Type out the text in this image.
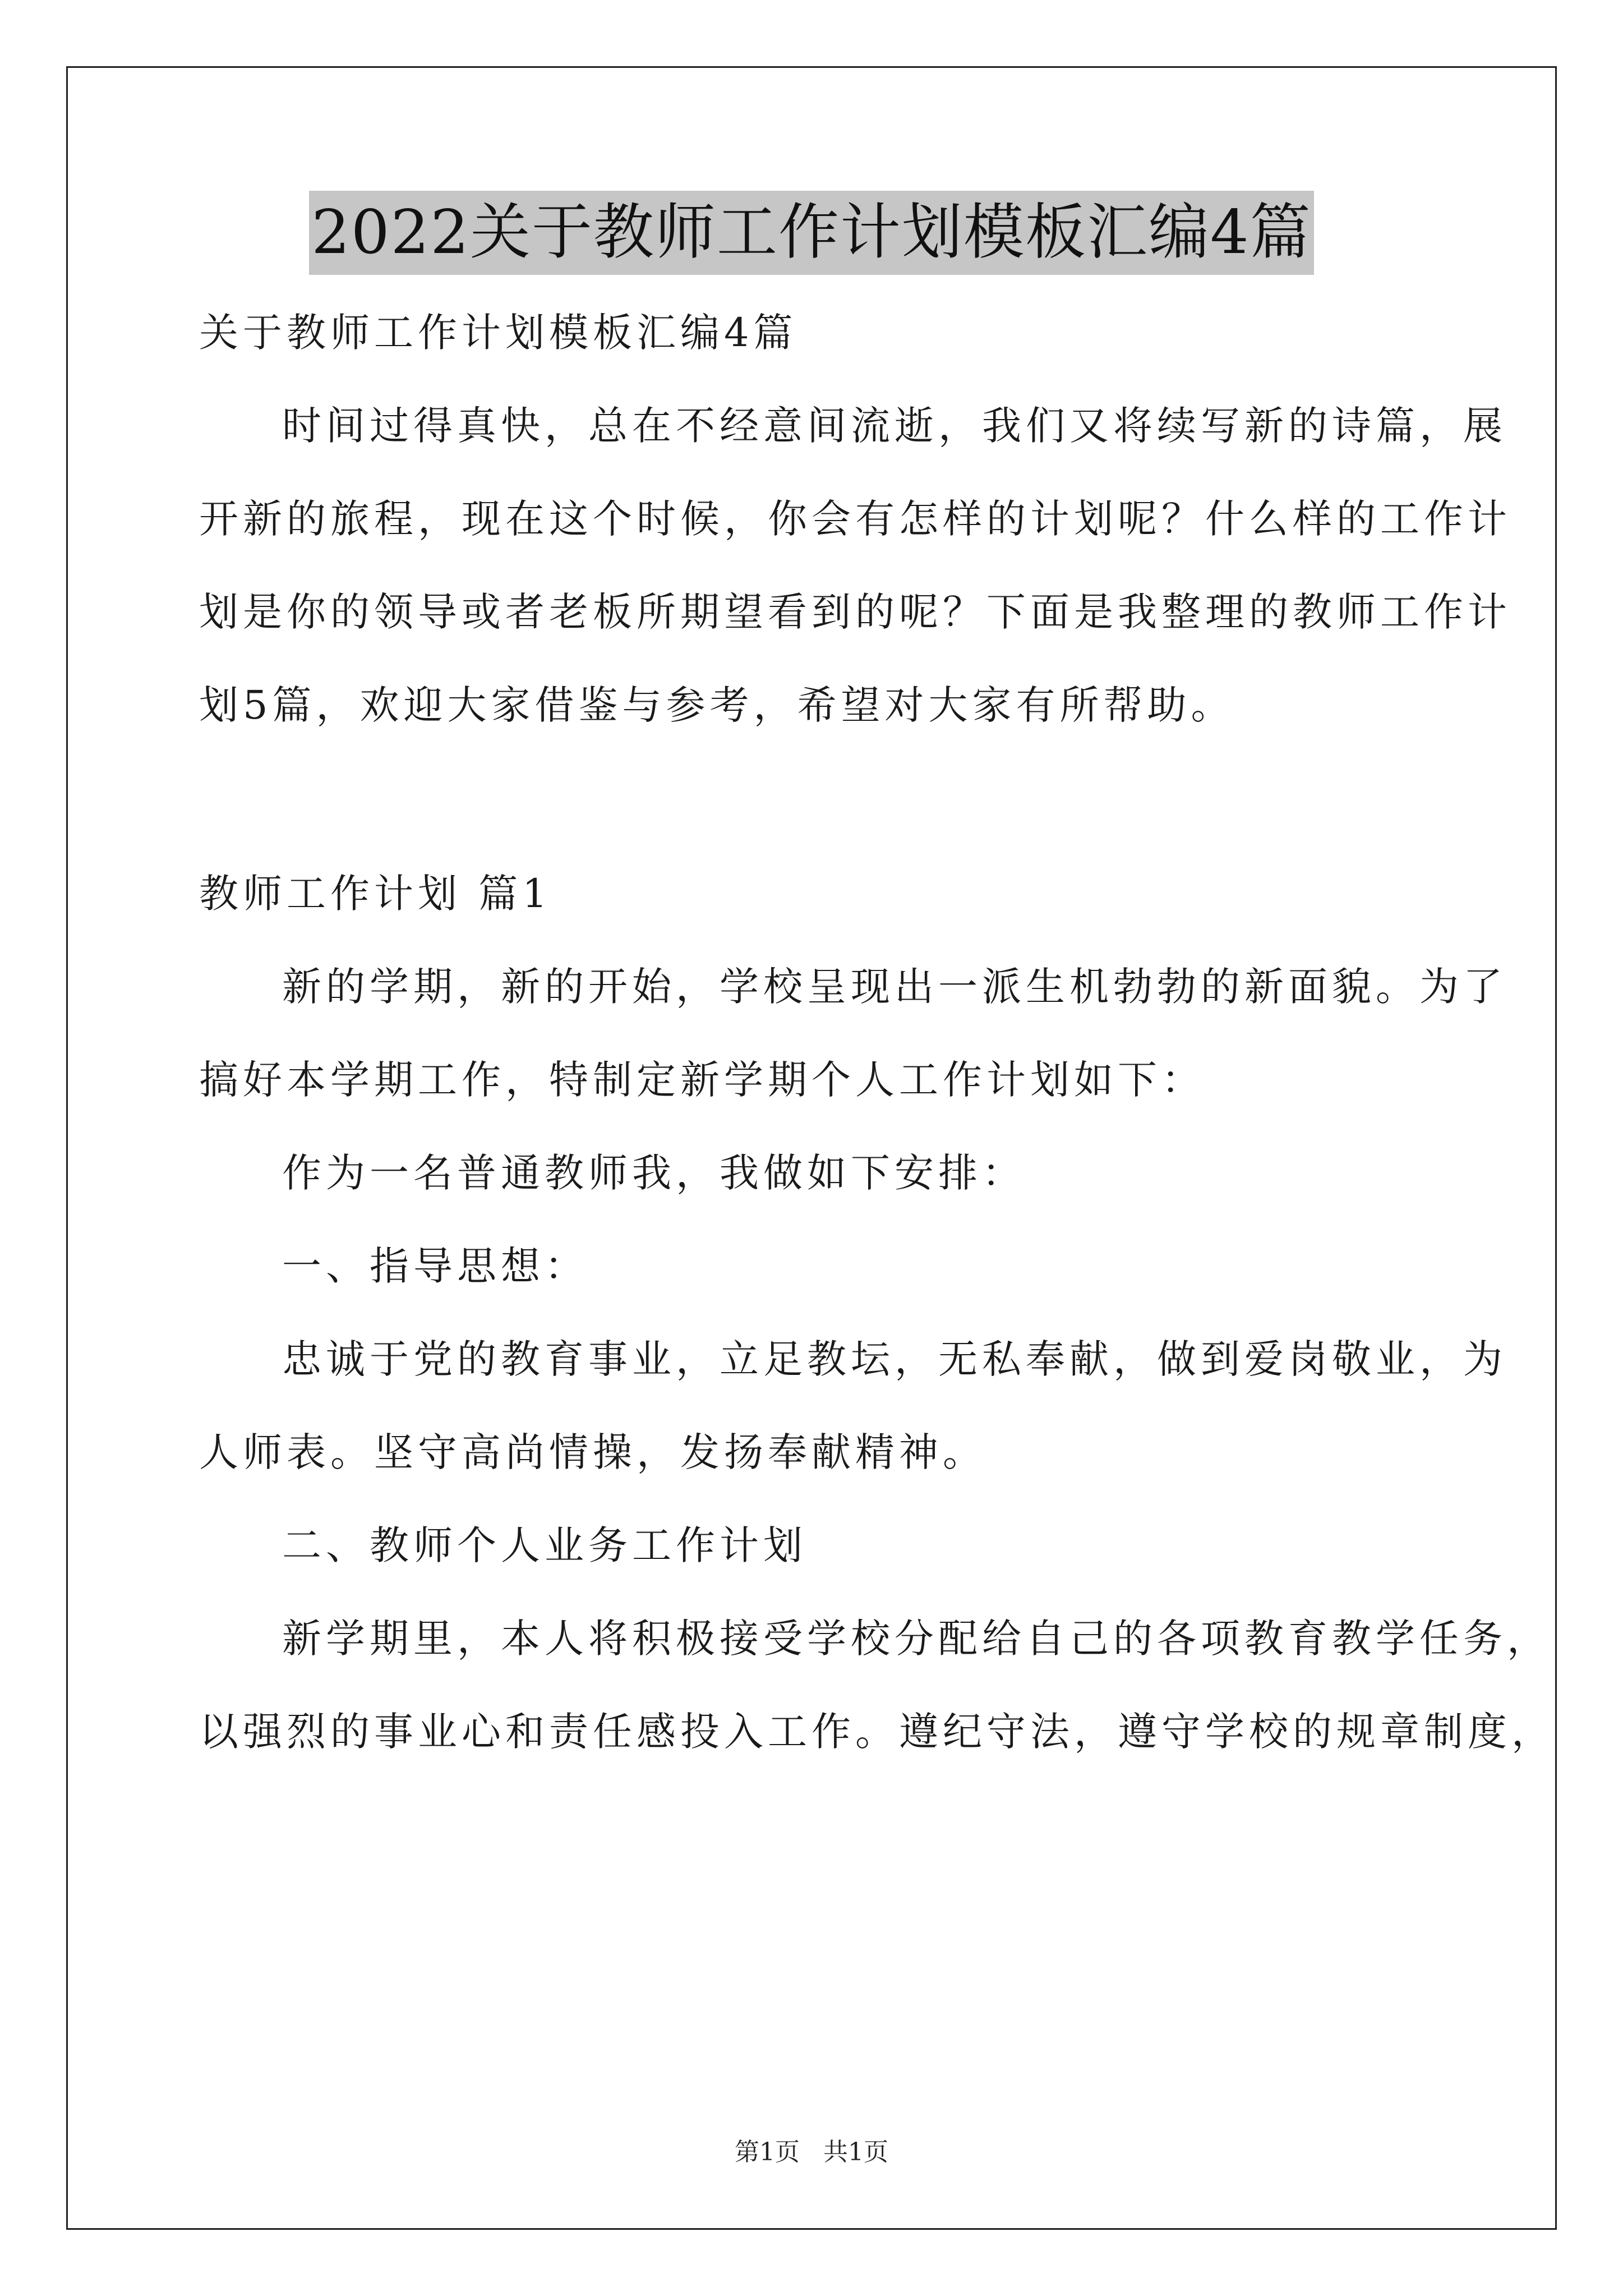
2022关于教师工作计划模板汇编4篇

关于教师工作计划模板汇编4篇

时间过得真快，总在不经意间流逝，我们又将续写新的诗篇，展

开新的旅程，现在这个时候，你会有怎样的计划呢？什么样的工作计

划是你的领导或者老板所期望看到的呢？下面是我整理的教师工作计

划5篇，欢迎大家借鉴与参考，希望对大家有所帮助。

教师工作计划 篇1

新的学期，新的开始，学校呈现出一派生机勃勃的新面貌。为了

搞好本学期工作，特制定新学期个人工作计划如下：

作为一名普通教师我，我做如下安排：

一、指导思想：

忠诚于党的教育事业，立足教坛，无私奉献，做到爱岗敬业，为

人师表。坚守高尚情操，发扬奉献精神。

二、教师个人业务工作计划

新学期里，本人将积极接受学校分配给自己的各项教育教学任务，

以强烈的事业心和责任感投入工作。遵纪守法，遵守学校的规章制度，

第1页 共1页
